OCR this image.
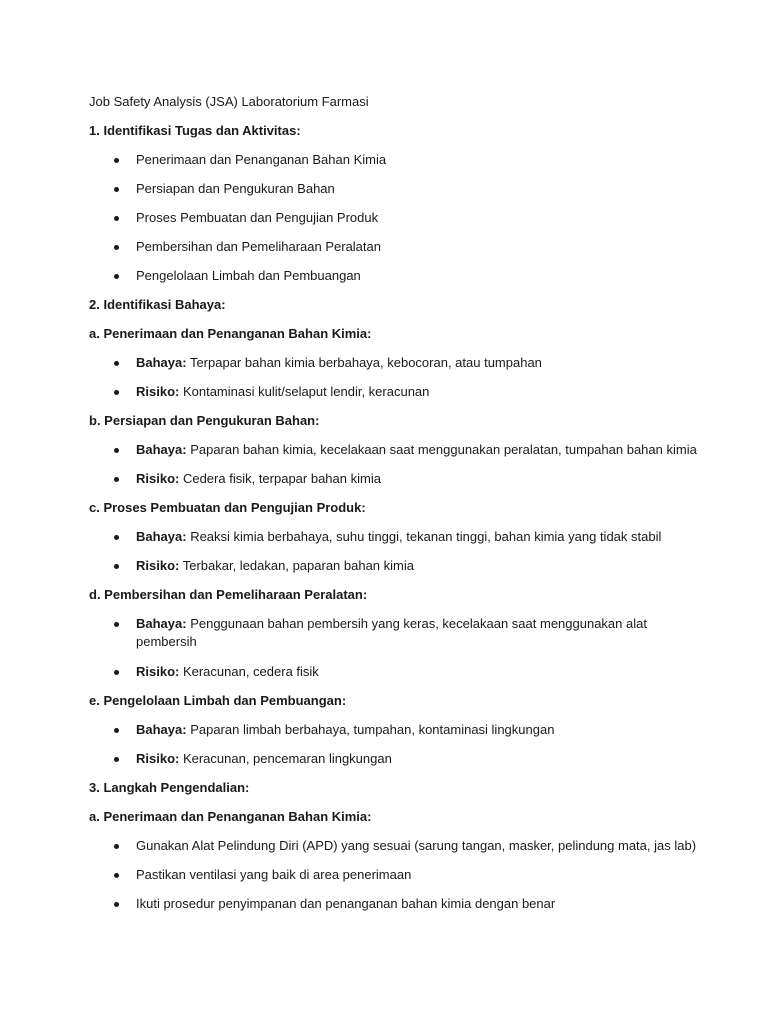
Job Safety Analysis (JSA) Laboratorium Farmasi

1. Identifikasi Tugas dan Aktivitas:

Penerimaan dan Penanganan Bahan Kimia
Persiapan dan Pengukuran Bahan
Proses Pembuatan dan Pengujian Produk
Pembersihan dan Pemeliharaan Peralatan
Pengelolaan Limbah dan Pembuangan

2. Identifikasi Bahaya:

a. Penerimaan dan Penanganan Bahan Kimia:

Bahaya: Terpapar bahan kimia berbahaya, kebocoran, atau tumpahan
Risiko: Kontaminasi kulit/selaput lendir, keracunan

b. Persiapan dan Pengukuran Bahan:

Bahaya: Paparan bahan kimia, kecelakaan saat menggunakan peralatan, tumpahan bahan kimia
Risiko: Cedera fisik, terpapar bahan kimia

c. Proses Pembuatan dan Pengujian Produk:

Bahaya: Reaksi kimia berbahaya, suhu tinggi, tekanan tinggi, bahan kimia yang tidak stabil
Risiko: Terbakar, ledakan, paparan bahan kimia

d. Pembersihan dan Pemeliharaan Peralatan:

Bahaya: Penggunaan bahan pembersih yang keras, kecelakaan saat menggunakan alat pembersih
Risiko: Keracunan, cedera fisik

e. Pengelolaan Limbah dan Pembuangan:

Bahaya: Paparan limbah berbahaya, tumpahan, kontaminasi lingkungan
Risiko: Keracunan, pencemaran lingkungan

3. Langkah Pengendalian:

a. Penerimaan dan Penanganan Bahan Kimia:

Gunakan Alat Pelindung Diri (APD) yang sesuai (sarung tangan, masker, pelindung mata, jas lab)
Pastikan ventilasi yang baik di area penerimaan
Ikuti prosedur penyimpanan dan penanganan bahan kimia dengan benar
